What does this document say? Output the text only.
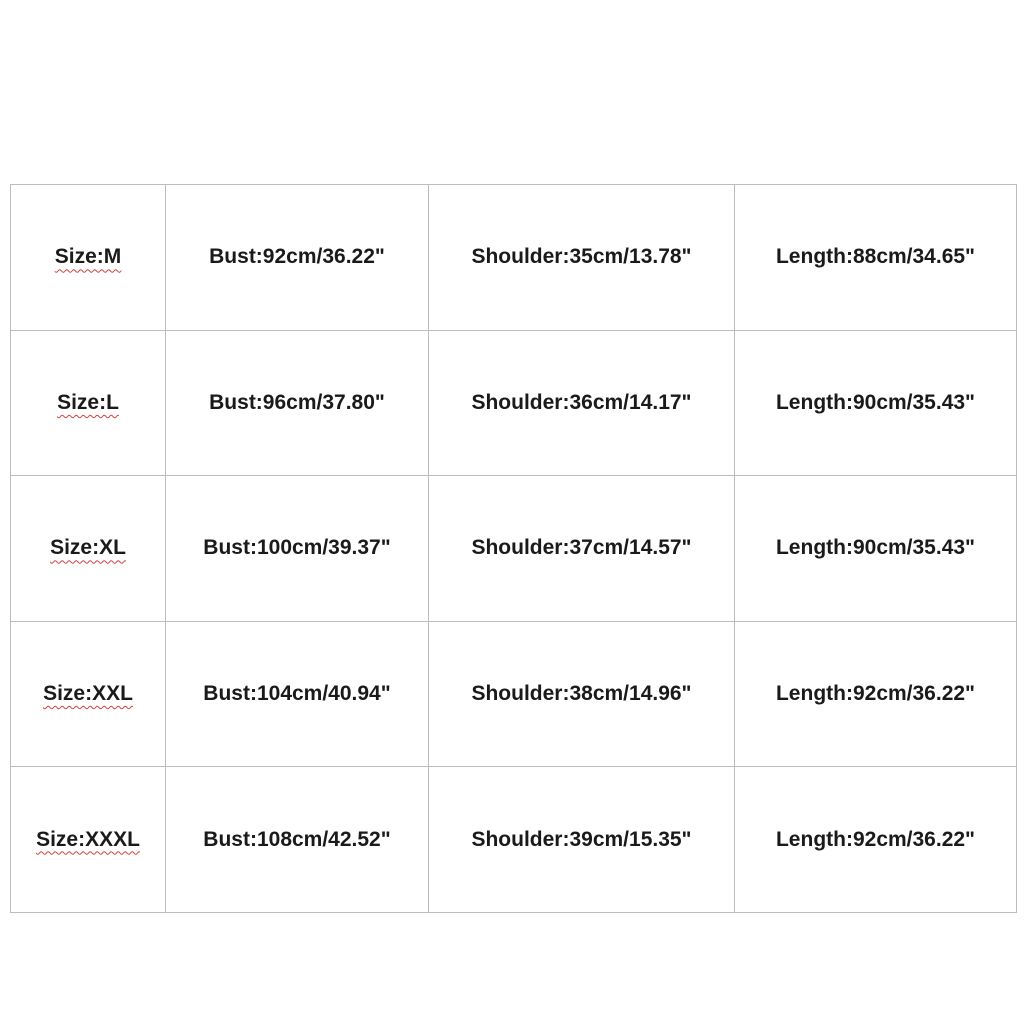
Size:M	Bust:92cm/36.22"	Shoulder:35cm/13.78"	Length:88cm/34.65"
Size:L	Bust:96cm/37.80"	Shoulder:36cm/14.17"	Length:90cm/35.43"
Size:XL	Bust:100cm/39.37"	Shoulder:37cm/14.57"	Length:90cm/35.43"
Size:XXL	Bust:104cm/40.94"	Shoulder:38cm/14.96"	Length:92cm/36.22"
Size:XXXL	Bust:108cm/42.52"	Shoulder:39cm/15.35"	Length:92cm/36.22"
